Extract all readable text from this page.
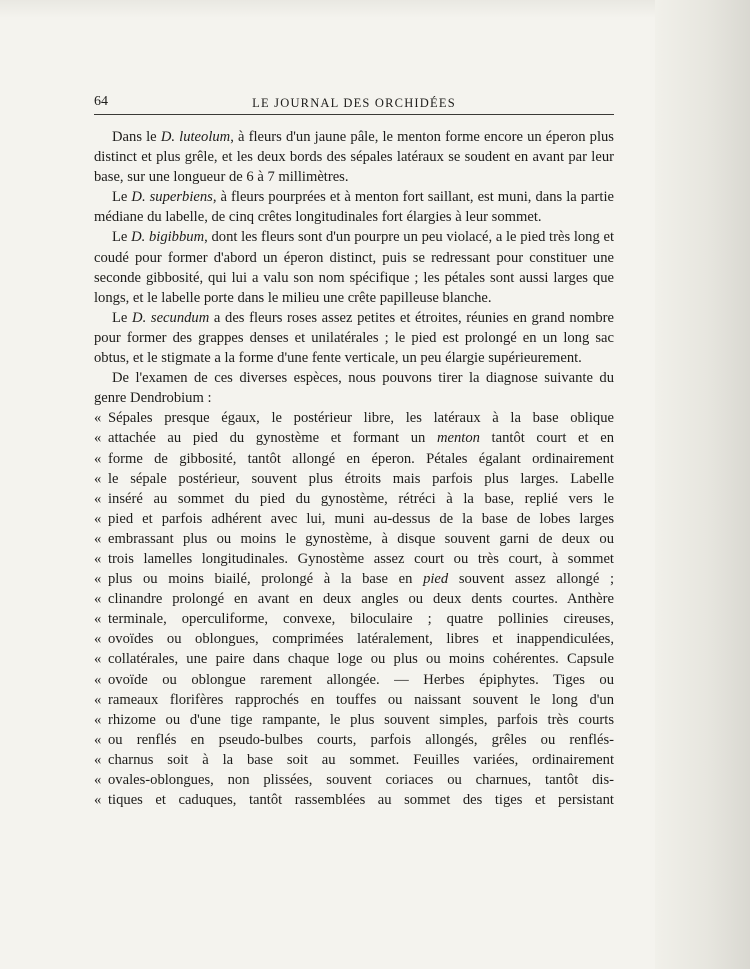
64	LE JOURNAL DES ORCHIDÉES

Dans le D. luteolum, à fleurs d'un jaune pâle, le menton forme encore un éperon plus distinct et plus grêle, et les deux bords des sépales latéraux se soudent en avant par leur base, sur une longueur de 6 à 7 millimètres.

Le D. superbiens, à fleurs pourprées et à menton fort saillant, est muni, dans la partie médiane du labelle, de cinq crêtes longitudinales fort élargies à leur sommet.

Le D. bigibbum, dont les fleurs sont d'un pourpre un peu violacé, a le pied très long et coudé pour former d'abord un éperon distinct, puis se redressant pour constituer une seconde gibbosité, qui lui a valu son nom spécifique ; les pétales sont aussi larges que longs, et le labelle porte dans le milieu une crête papilleuse blanche.

Le D. secundum a des fleurs roses assez petites et étroites, réunies en grand nombre pour former des grappes denses et unilatérales ; le pied est prolongé en un long sac obtus, et le stigmate a la forme d'une fente verticale, un peu élargie supérieurement.

De l'examen de ces diverses espèces, nous pouvons tirer la diagnose suivante du genre Dendrobium :

« Sépales presque égaux, le postérieur libre, les latéraux à la base oblique

« attachée au pied du gynostème et formant un menton tantôt court et en

« forme de gibbosité, tantôt allongé en éperon. Pétales égalant ordinairement

« le sépale postérieur, souvent plus étroits mais parfois plus larges. Labelle

« inséré au sommet du pied du gynostème, rétréci à la base, replié vers le

« pied et parfois adhérent avec lui, muni au-dessus de la base de lobes larges

« embrassant plus ou moins le gynostème, à disque souvent garni de deux ou

« trois lamelles longitudinales. Gynostème assez court ou très court, à sommet

« plus ou moins biailé, prolongé à la base en pied souvent assez allongé ;

« clinandre prolongé en avant en deux angles ou deux dents courtes. Anthère

« terminale, operculiforme, convexe, biloculaire ; quatre pollinies cireuses,

« ovoïdes ou oblongues, comprimées latéralement, libres et inappendiculées,

« collatérales, une paire dans chaque loge ou plus ou moins cohérentes. Capsule

« ovoïde ou oblongue rarement allongée. — Herbes épiphytes. Tiges ou

« rameaux florifères rapprochés en touffes ou naissant souvent le long d'un

« rhizome ou d'une tige rampante, le plus souvent simples, parfois très courts

« ou renflés en pseudo-bulbes courts, parfois allongés, grêles ou renflés-

« charnus soit à la base soit au sommet. Feuilles variées, ordinairement

« ovales-oblongues, non plissées, souvent coriaces ou charnues, tantôt dis-

« tiques et caduques, tantôt rassemblées au sommet des tiges et persistant
